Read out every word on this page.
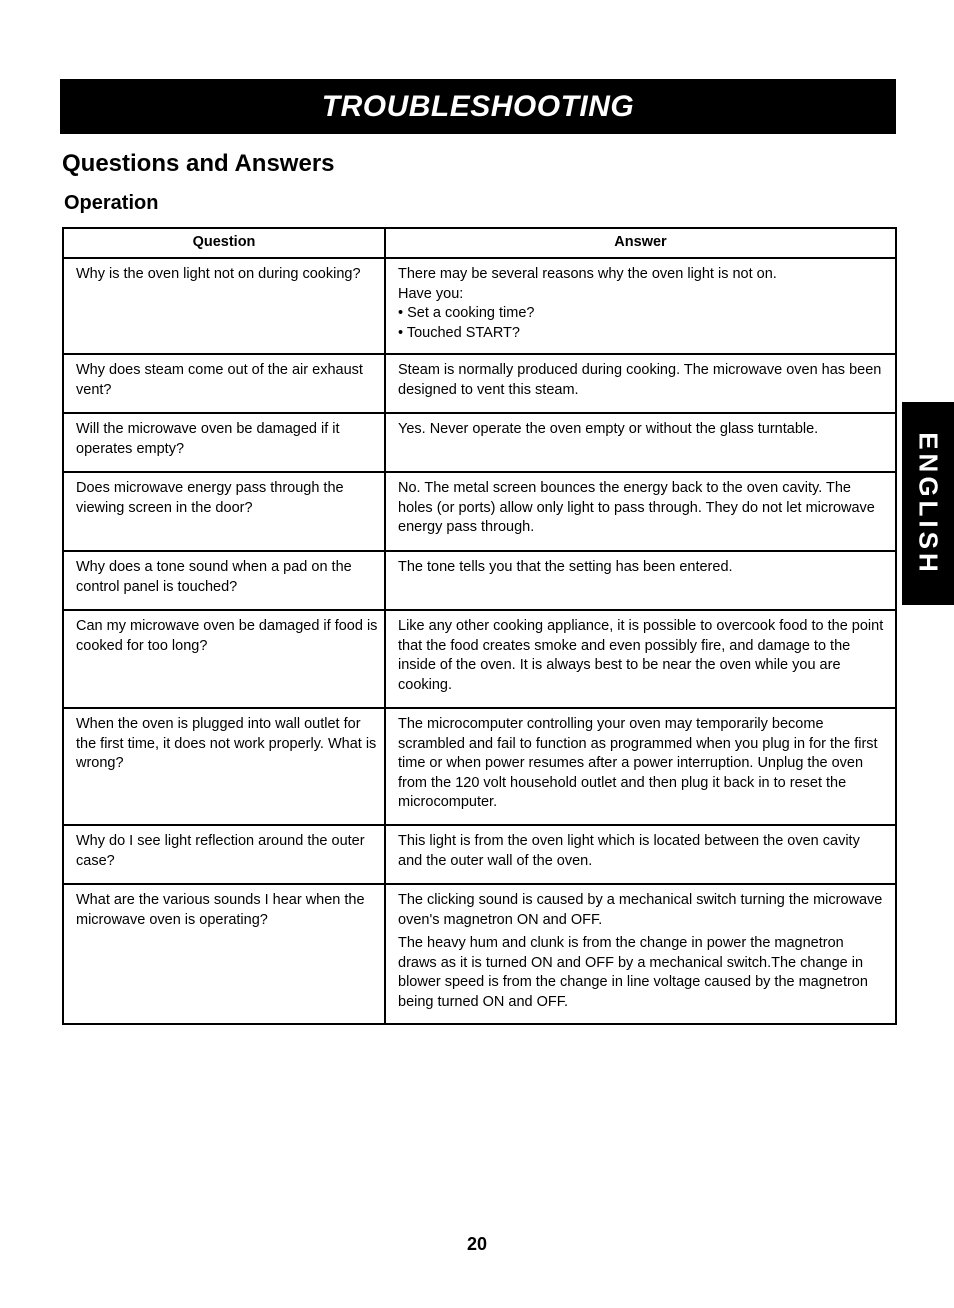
TROUBLESHOOTING
Questions and Answers
Operation
Question	Answer

Why is the oven light not on during cooking?	There may be several reasons why the oven light is not on.

Have you:

• Set a cooking time?

• Touched START?

Why does steam come out of the air exhaust vent?	Steam is normally produced during cooking. The microwave oven has been designed to vent this steam.

Will the microwave oven be damaged if it operates empty?	Yes. Never operate the oven empty or without the glass turntable.

Does microwave energy pass through the viewing screen in the door?	No. The metal screen bounces the energy back to the oven cavity. The holes (or ports) allow only light to pass through. They do not let microwave energy pass through.

Why does a tone sound when a pad on the control panel is touched?	The tone tells you that the setting has been entered.

Can my microwave oven be damaged if food is cooked for too long?	Like any other cooking appliance, it is possible to overcook food to the point that the food creates smoke and even possibly fire, and damage to the inside of the oven. It is always best to be near the oven while you are cooking.

When the oven is plugged into wall outlet for the first time, it does not work properly. What is wrong?	The microcomputer controlling your oven may temporarily become scrambled and fail to function as programmed when you plug in for the first time or when power resumes after a power interruption. Unplug the oven from the 120 volt household outlet and then plug it back in to reset the microcomputer.

Why do I see light reflection around the outer case?	This light is from the oven light which is located between the oven cavity and the outer wall of the oven.

What are the various sounds I hear when the microwave oven is operating?	The clicking sound is caused by a mechanical switch turning the microwave oven's magnetron ON and OFF.

The heavy hum and clunk is from the change in power the magnetron draws as it is turned ON and OFF by a mechanical switch.The change in blower speed is from the change in line voltage caused by the magnetron being turned ON and OFF.

ENGLISH
20
